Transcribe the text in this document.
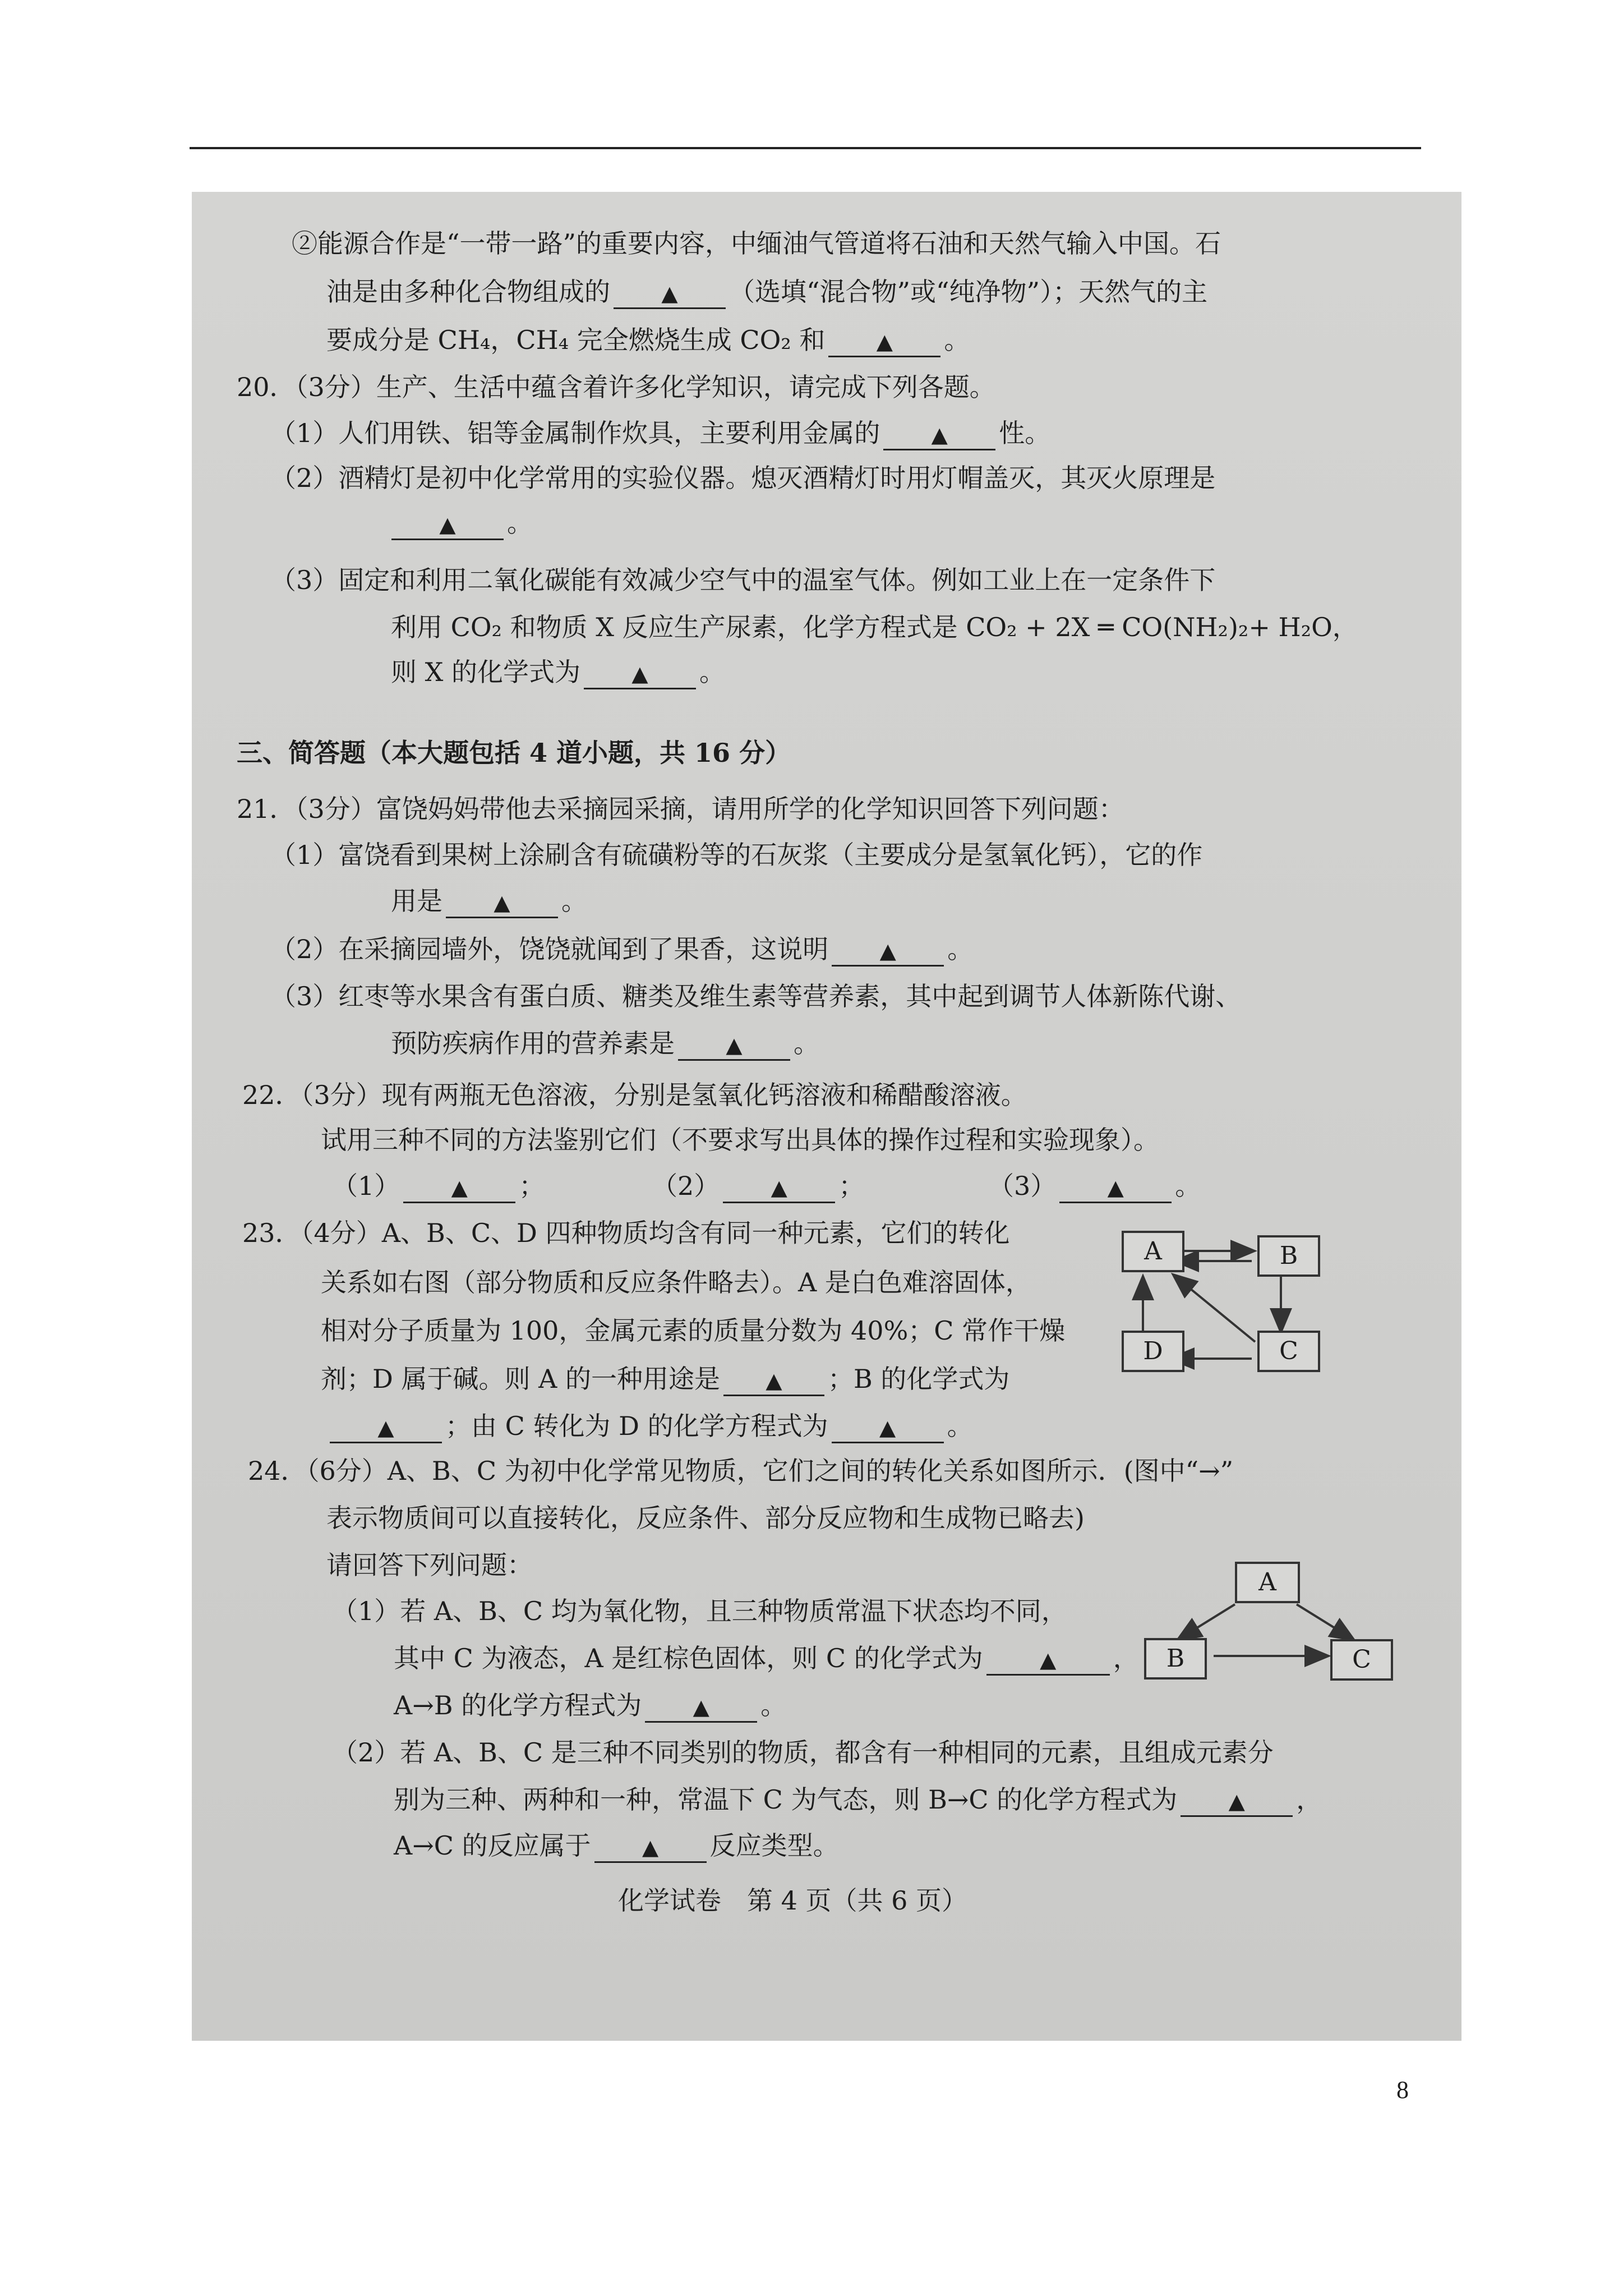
②能源合作是“一带一路”的重要内容，中缅油气管道将石油和天然气输入中国。石
油是由多种化合物组成的 ▲ （选填“混合物”或“纯净物”）；天然气的主
要成分是 CH₄，CH₄ 完全燃烧生成 CO₂ 和 ▲ 。
20．（3分）生产、生活中蕴含着许多化学知识，请完成下列各题。
（1）人们用铁、铝等金属制作炊具，主要利用金属的 ▲ 性。
（2）酒精灯是初中化学常用的实验仪器。熄灭酒精灯时用灯帽盖灭，其灭火原理是
▲ 。
（3）固定和利用二氧化碳能有效减少空气中的温室气体。例如工业上在一定条件下
利用 CO₂ 和物质 X 反应生产尿素，化学方程式是 CO₂ + 2X ═ CO(NH₂)₂+ H₂O，
则 X 的化学式为 ▲ 。
三、简答题（本大题包括 4 道小题，共 16 分）
21．（3分）富饶妈妈带他去采摘园采摘，请用所学的化学知识回答下列问题：
（1）富饶看到果树上涂刷含有硫磺粉等的石灰浆（主要成分是氢氧化钙），它的作
用是 ▲ 。
（2）在采摘园墙外，饶饶就闻到了果香，这说明 ▲ 。
（3）红枣等水果含有蛋白质、糖类及维生素等营养素，其中起到调节人体新陈代谢、
预防疾病作用的营养素是 ▲ 。
22．（3分）现有两瓶无色溶液，分别是氢氧化钙溶液和稀醋酸溶液。
试用三种不同的方法鉴别它们（不要求写出具体的操作过程和实验现象）。
（1） ▲ ；	（2） ▲ ；	（3） ▲ 。
23．（4分）A、B、C、D 四种物质均含有同一种元素，它们的转化
关系如右图（部分物质和反应条件略去）。A 是白色难溶固体，
相对分子质量为 100，金属元素的质量分数为 40%；C 常作干燥
剂；D 属于碱。则 A 的一种用途是 ▲ ；B 的化学式为
▲ ；由 C 转化为 D 的化学方程式为 ▲ 。
A	B
C
D
24．（6分）A、B、C 为初中化学常见物质，它们之间的转化关系如图所示．(图中“→”
表示物质间可以直接转化，反应条件、部分反应物和生成物已略去)
请回答下列问题：
（1）若 A、B、C 均为氧化物，且三种物质常温下状态均不同，
其中 C 为液态，A 是红棕色固体，则 C 的化学式为	▲ ，
A→B 的化学方程式为 ▲ 。
（2）若 A、B、C 是三种不同类别的物质，都含有一种相同的元素，且组成元素分
别为三种、两种和一种，常温下 C 为气态，则 B→C 的化学方程式为 ▲ ，
A→C 的反应属于 ▲ 反应类型。
A
B	C
化学试卷　第 4 页（共 6 页）
8
